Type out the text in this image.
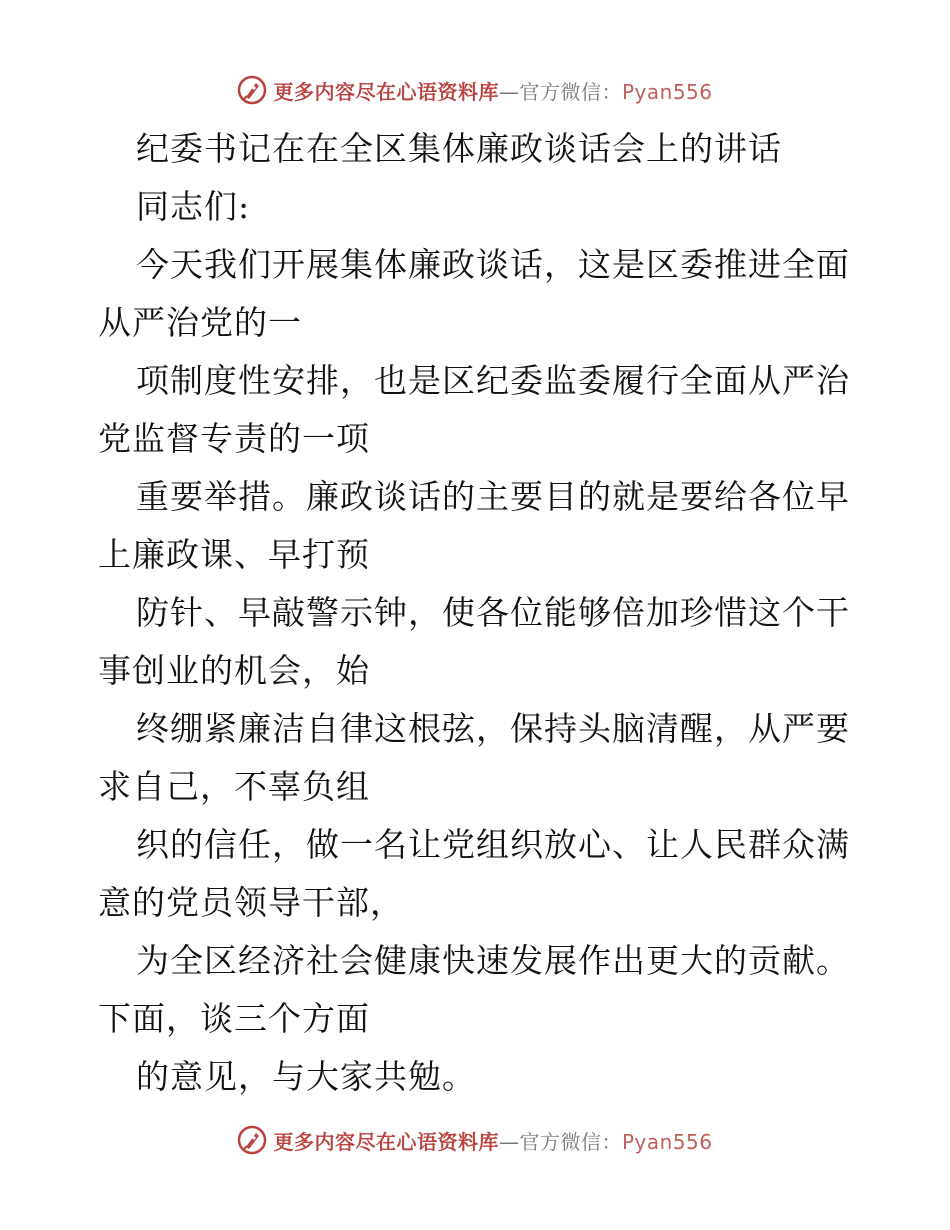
更多内容尽在心语资料库—官方微信：Pyan556
纪委书记在在全区集体廉政谈话会上的讲话
同志们:
今天我们开展集体廉政谈话，这是区委推进全面
从严治党的一
项制度性安排，也是区纪委监委履行全面从严治
党监督专责的一项
重要举措。廉政谈话的主要目的就是要给各位早
上廉政课、早打预
防针、早敲警示钟，使各位能够倍加珍惜这个干
事创业的机会，始
终绷紧廉洁自律这根弦，保持头脑清醒，从严要
求自己，不辜负组
织的信任，做一名让党组织放心、让人民群众满
意的党员领导干部，
为全区经济社会健康快速发展作出更大的贡献。
下面，谈三个方面
的意见，与大家共勉。
更多内容尽在心语资料库—官方微信：Pyan556
